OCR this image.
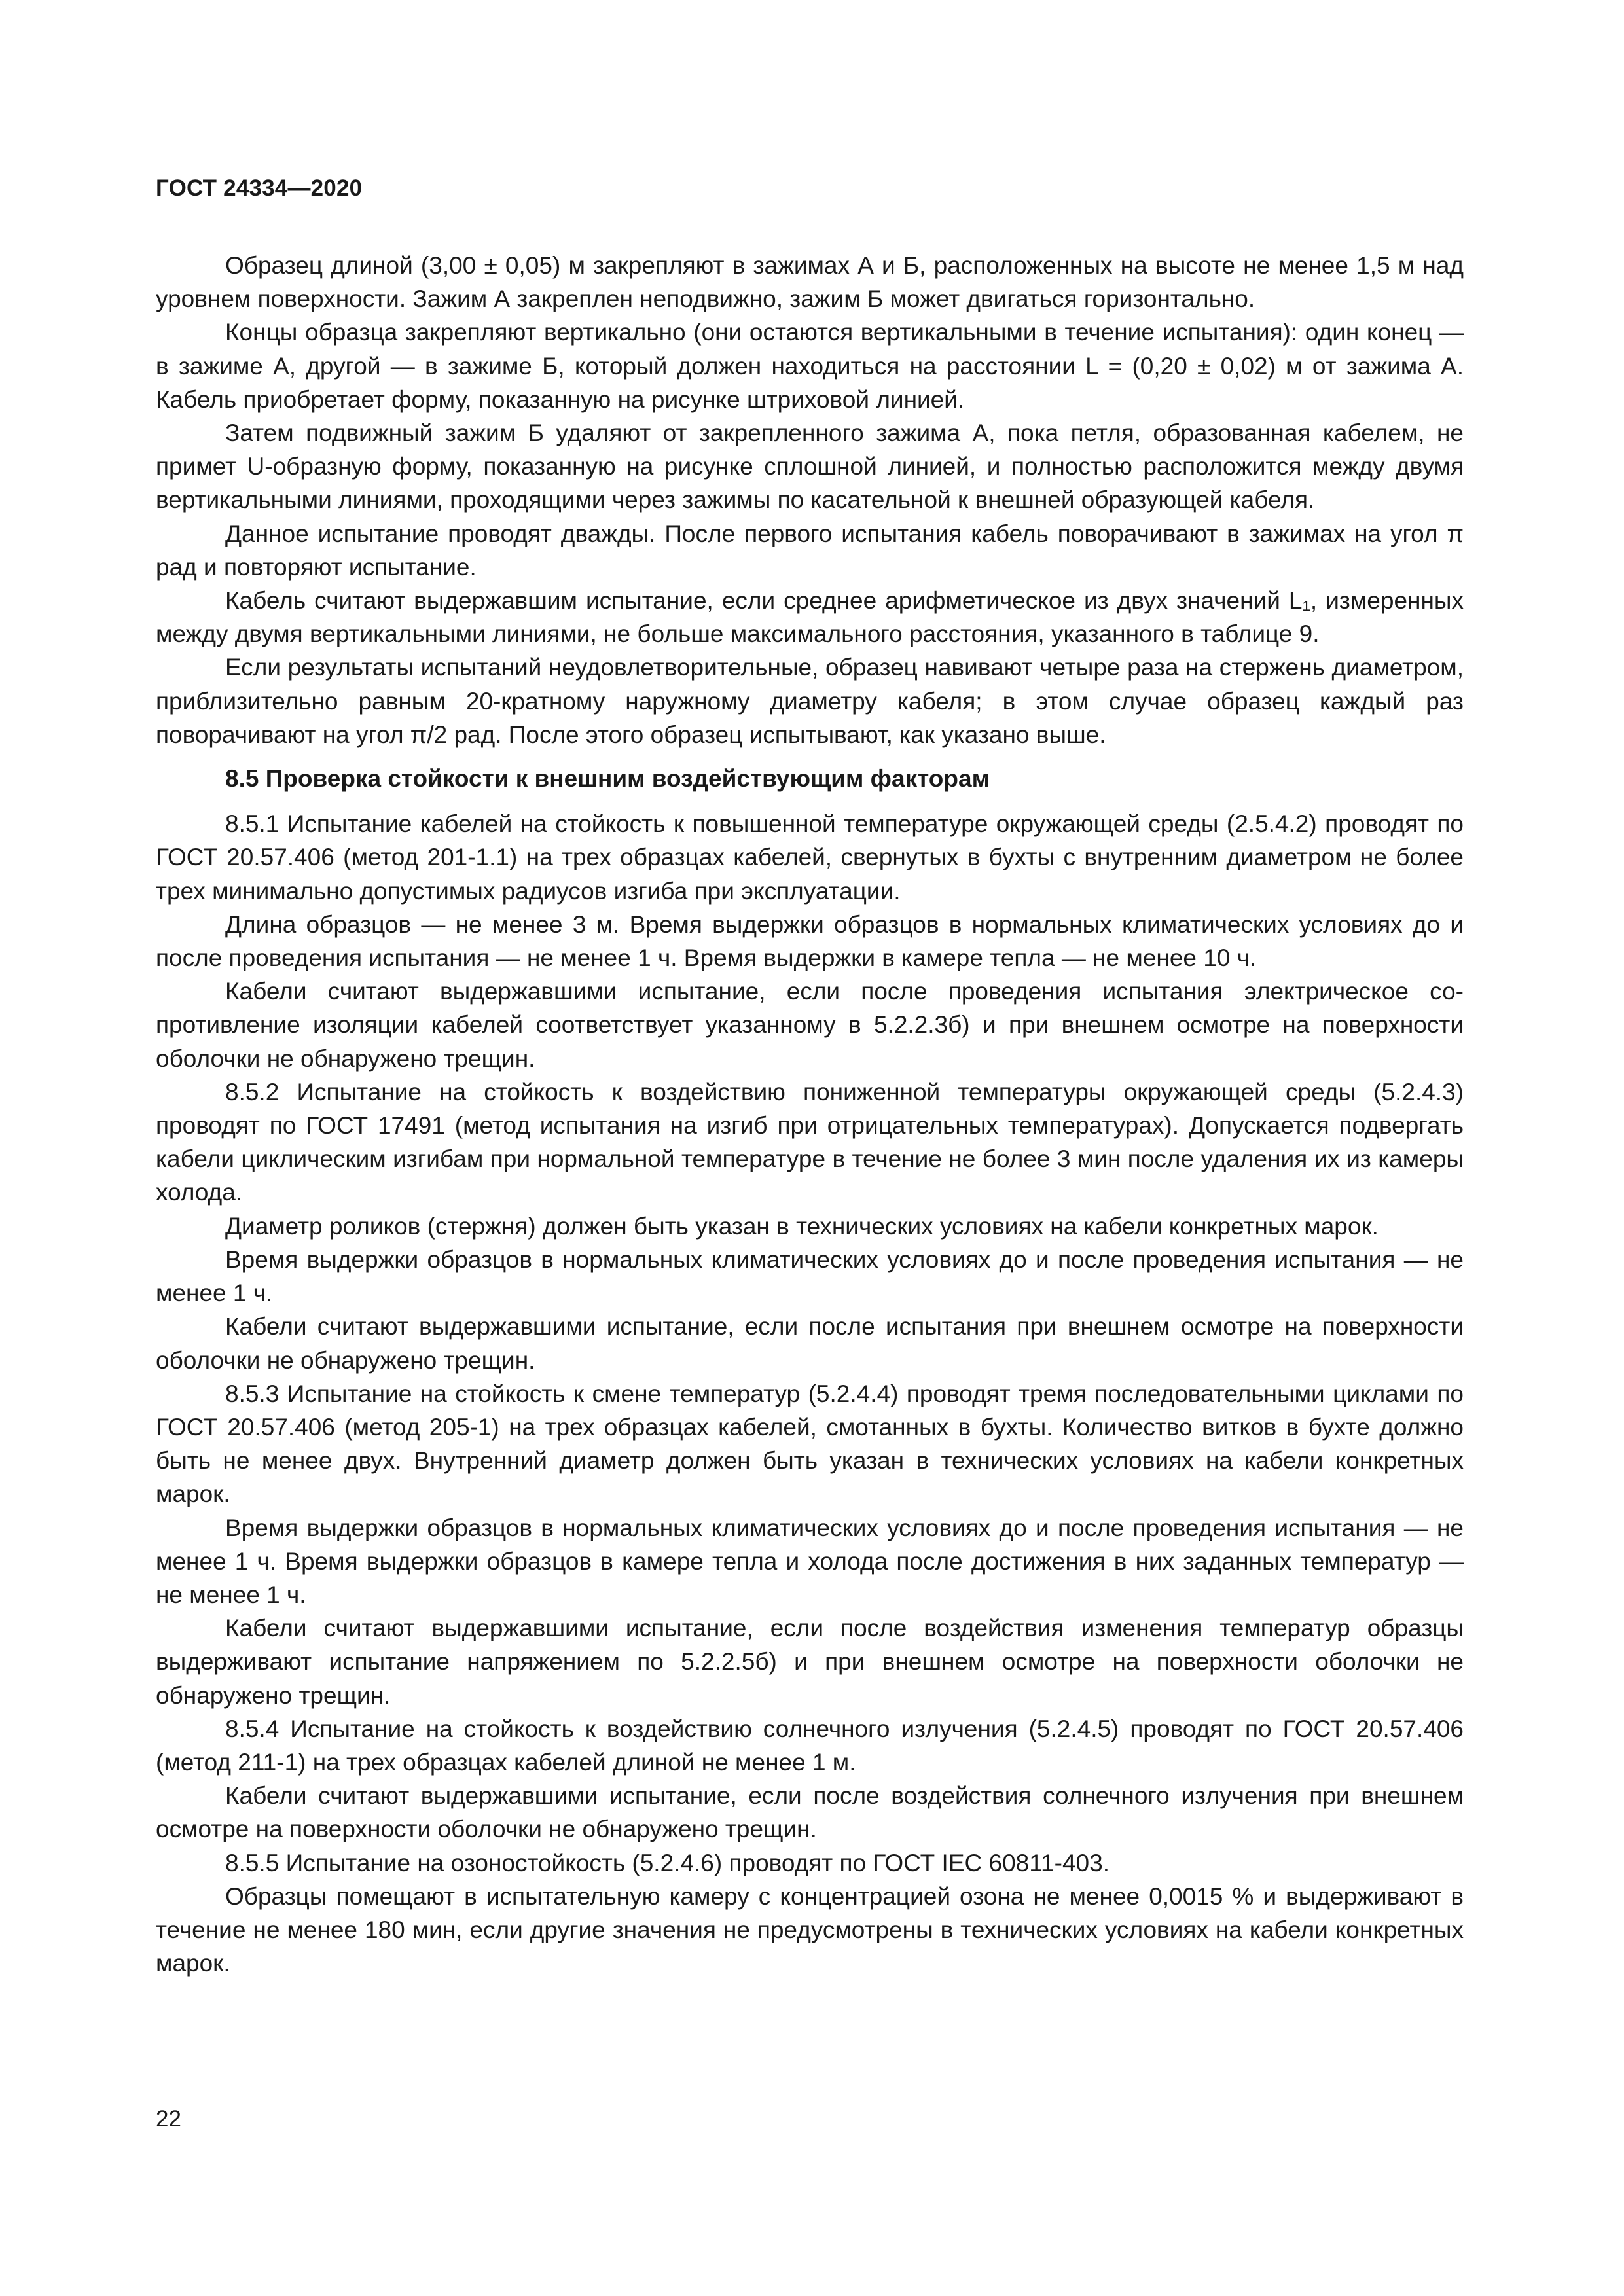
ГОСТ 24334—2020

Образец длиной (3,00 ± 0,05) м закрепляют в зажимах А и Б, расположенных на высоте не менее 1,5 м над уровнем поверхности. Зажим А закреплен неподвижно, зажим Б может двигаться горизонтально.

Концы образца закрепляют вертикально (они остаются вертикальными в течение испытания): один конец — в зажиме А, другой — в зажиме Б, который должен находиться на расстоянии L = (0,20 ± 0,02) м от зажима А. Кабель приобретает форму, показанную на рисунке штриховой линией.

Затем подвижный зажим Б удаляют от закрепленного зажима А, пока петля, образованная кабелем, не примет U-образную форму, показанную на рисунке сплошной линией, и полностью расположится между двумя вертикальными линиями, проходящими через зажимы по касательной к внешней образующей кабеля.

Данное испытание проводят дважды. После первого испытания кабель поворачивают в зажимах на угол π рад и повторяют испытание.

Кабель считают выдержавшим испытание, если среднее арифметическое из двух значений L₁, измеренных между двумя вертикальными линиями, не больше максимального расстояния, указанного в таблице 9.

Если результаты испытаний неудовлетворительные, образец навивают четыре раза на стержень диаметром, приблизительно равным 20-кратному наружному диаметру кабеля; в этом случае образец каждый раз поворачивают на угол π/2 рад. После этого образец испытывают, как указано выше.

8.5 Проверка стойкости к внешним воздействующим факторам

8.5.1 Испытание кабелей на стойкость к повышенной температуре окружающей среды (2.5.4.2) проводят по ГОСТ 20.57.406 (метод 201-1.1) на трех образцах кабелей, свернутых в бухты с внутренним диаметром не более трех минимально допустимых радиусов изгиба при эксплуатации.

Длина образцов — не менее 3 м. Время выдержки образцов в нормальных климатических условиях до и после проведения испытания — не менее 1 ч. Время выдержки в камере тепла — не менее 10 ч.

Кабели считают выдержавшими испытание, если после проведения испытания электрическое сопротивление изоляции кабелей соответствует указанному в 5.2.2.3б) и при внешнем осмотре на поверхности оболочки не обнаружено трещин.

8.5.2 Испытание на стойкость к воздействию пониженной температуры окружающей среды (5.2.4.3) проводят по ГОСТ 17491 (метод испытания на изгиб при отрицательных температурах). Допускается подвергать кабели циклическим изгибам при нормальной температуре в течение не более 3 мин после удаления их из камеры холода.

Диаметр роликов (стержня) должен быть указан в технических условиях на кабели конкретных марок.

Время выдержки образцов в нормальных климатических условиях до и после проведения испытания — не менее 1 ч.

Кабели считают выдержавшими испытание, если после испытания при внешнем осмотре на поверхности оболочки не обнаружено трещин.

8.5.3 Испытание на стойкость к смене температур (5.2.4.4) проводят тремя последовательными циклами по ГОСТ 20.57.406 (метод 205-1) на трех образцах кабелей, смотанных в бухты. Количество витков в бухте должно быть не менее двух. Внутренний диаметр должен быть указан в технических условиях на кабели конкретных марок.

Время выдержки образцов в нормальных климатических условиях до и после проведения испытания — не менее 1 ч. Время выдержки образцов в камере тепла и холода после достижения в них заданных температур — не менее 1 ч.

Кабели считают выдержавшими испытание, если после воздействия изменения температур образцы выдерживают испытание напряжением по 5.2.2.5б) и при внешнем осмотре на поверхности оболочки не обнаружено трещин.

8.5.4 Испытание на стойкость к воздействию солнечного излучения (5.2.4.5) проводят по ГОСТ 20.57.406 (метод 211-1) на трех образцах кабелей длиной не менее 1 м.

Кабели считают выдержавшими испытание, если после воздействия солнечного излучения при внешнем осмотре на поверхности оболочки не обнаружено трещин.

8.5.5 Испытание на озоностойкость (5.2.4.6) проводят по ГОСТ IEC 60811-403.

Образцы помещают в испытательную камеру с концентрацией озона не менее 0,0015 % и выдерживают в течение не менее 180 мин, если другие значения не предусмотрены в технических условиях на кабели конкретных марок.

22
